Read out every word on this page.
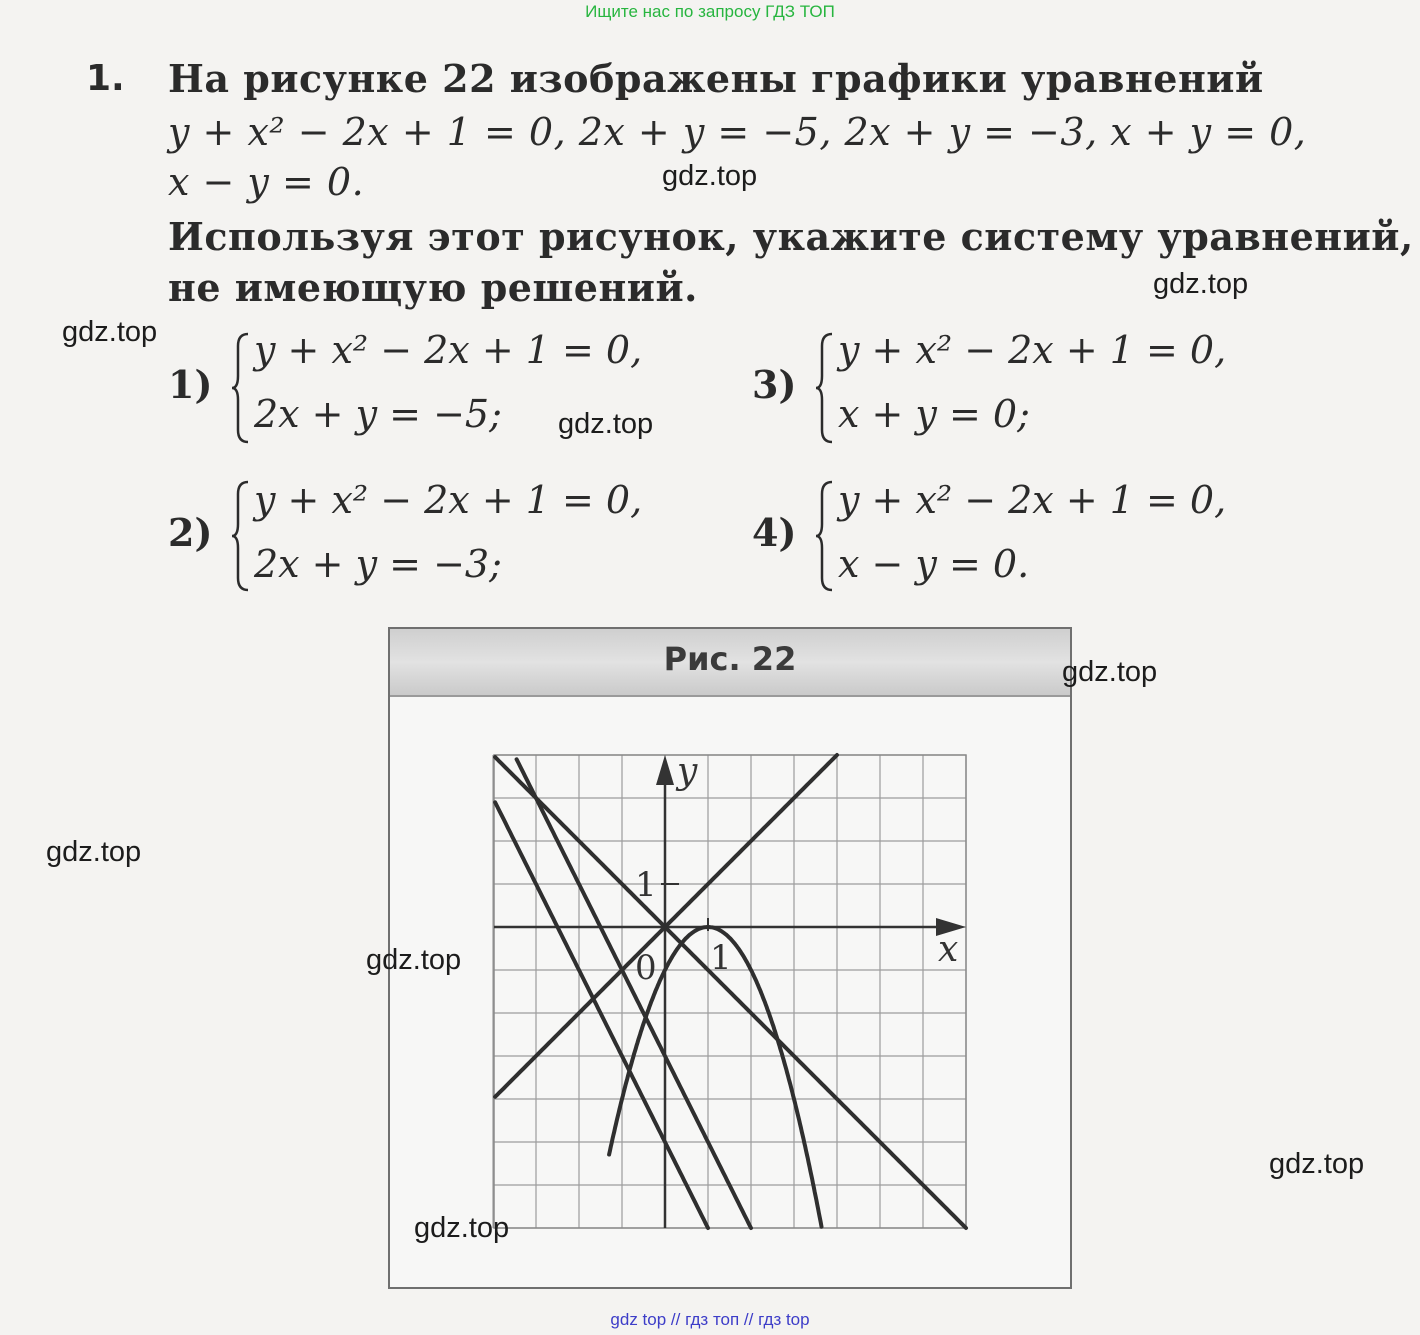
Ищите нас по запросу ГДЗ ТОП
1. На рисунке 22 изображены графики уравнений
y + x² − 2x + 1 = 0, 2x + y = −5, 2x + y = −3, x + y = 0,
x − y = 0.
Используя этот рисунок, укажите систему уравнений,
не имеющую решений.
1)
y + x² − 2x + 1 = 0,
2x + y = −5;
2)
y + x² − 2x + 1 = 0,
2x + y = −3;
3)
y + x² − 2x + 1 = 0,
x + y = 0;
4)
y + x² − 2x + 1 = 0,
x − y = 0.
Рис. 22
x
y
1
1
0
gdz.top
gdz.top
gdz.top
gdz.top
gdz.top
gdz.top
gdz.top
gdz.top
gdz.top
gdz top // гдз топ // гдз top
